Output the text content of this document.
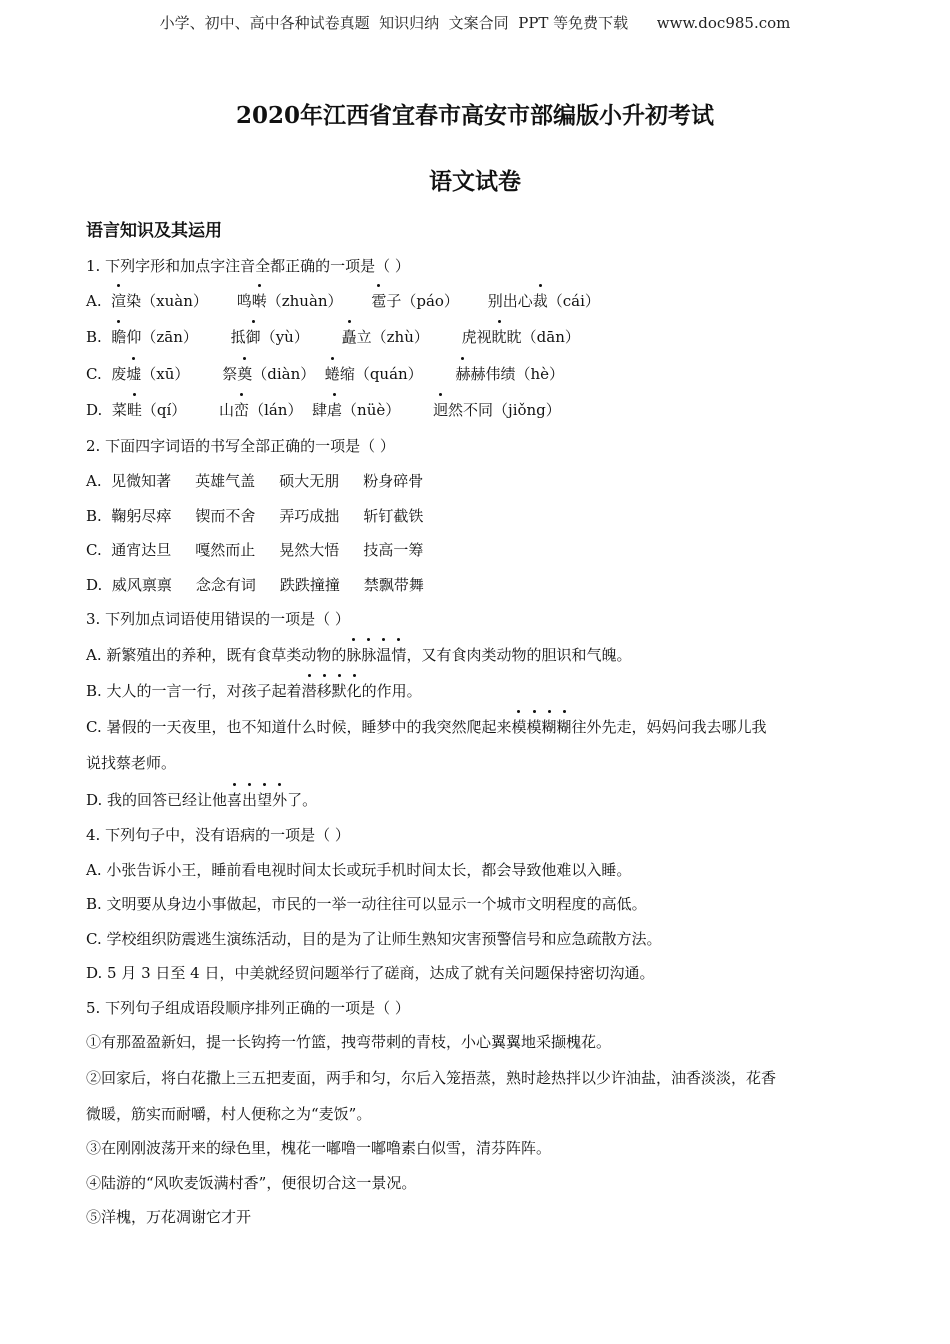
小学、初中、高中各种试卷真题  知识归纳  文案合同  PPT 等免费下载      www.doc985.com
2020年江西省宜春市高安市部编版小升初考试
语文试卷
语言知识及其运用
1. 下列字形和加点字注音全都正确的一项是（ ）
A. 渲染（xuàn） 鸣啭（zhuàn） 雹子（páo） 别出心裁（cái）
B. 瞻仰（zān） 抵御（yù） 矗立（zhù） 虎视眈眈（dān）
C. 废墟（xū） 祭奠（diàn） 蜷缩（quán） 赫赫伟绩（hè）
D. 菜畦（qí） 山峦（lán） 肆虐（nüè） 迥然不同（jiǒng）
2. 下面四字词语的书写全部正确的一项是（ ）
A. 见微知著 英雄气盖 硕大无朋 粉身碎骨
B. 鞠躬尽瘁 锲而不舍 弄巧成拙 斩钉截铁
C. 通宵达旦 嘎然而止 晃然大悟 技高一筹
D. 威风禀禀 念念有词 跌跌撞撞 禁飘带舞
3. 下列加点词语使用错误的一项是（ ）
A. 新繁殖出的养种，既有食草类动物的脉脉温情，又有食肉类动物的胆识和气魄。
B. 大人的一言一行，对孩子起着潜移默化的作用。
C. 暑假的一天夜里，也不知道什么时候，睡梦中的我突然爬起来模模糊糊往外先走，妈妈问我去哪儿我
说找蔡老师。
D. 我的回答已经让他喜出望外了。
4. 下列句子中，没有语病的一项是（ ）
A. 小张告诉小王，睡前看电视时间太长或玩手机时间太长，都会导致他难以入睡。
B. 文明要从身边小事做起，市民的一举一动往往可以显示一个城市文明程度的高低。
C. 学校组织防震逃生演练活动，目的是为了让师生熟知灾害预警信号和应急疏散方法。
D. 5 月 3 日至 4 日，中美就经贸问题举行了磋商，达成了就有关问题保持密切沟通。
5. 下列句子组成语段顺序排列正确的一项是（ ）
①有那盈盈新妇，提一长钩挎一竹篮，拽弯带刺的青枝，小心翼翼地采撷槐花。
②回家后，将白花撒上三五把麦面，两手和匀，尔后入笼捂蒸，熟时趁热拌以少许油盐，油香淡淡，花香
微暖，筋实而耐嚼，村人便称之为“麦饭”。
③在刚刚波荡开来的绿色里，槐花一嘟噜一嘟噜素白似雪，清芬阵阵。
④陆游的“风吹麦饭满村香”，便很切合这一景况。
⑤洋槐，万花凋谢它才开
